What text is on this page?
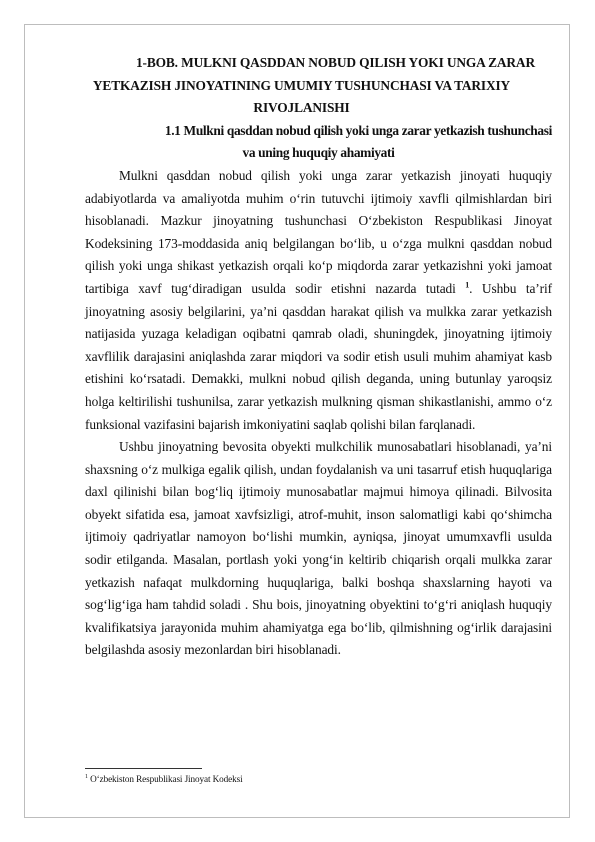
1-BOB. MULKNI QASDDAN NOBUD QILISH YOKI UNGA ZARAR
YETKAZISH JINOYATINING UMUMIY TUSHUNCHASI VA TARIXIY
RIVOJLANISHI
1.1 Mulkni qasddan nobud qilish yoki unga zarar yetkazish tushunchasi
va uning huquqiy ahamiyati

Mulkni qasddan nobud qilish yoki unga zarar yetkazish jinoyati huquqiy adabiyotlarda va amaliyotda muhim o‘rin tutuvchi ijtimoiy xavfli qilmishlardan biri hisoblanadi. Mazkur jinoyatning tushunchasi O‘zbekiston Respublikasi Jinoyat Kodeksining 173-moddasida aniq belgilangan bo‘lib, u o‘zga mulkni qasddan nobud qilish yoki unga shikast yetkazish orqali ko‘p miqdorda zarar yetkazishni yoki jamoat tartibiga xavf tug‘diradigan usulda sodir etishni nazarda tutadi $^1$. Ushbu ta’rif jinoyatning asosiy belgilarini, ya’ni qasddan harakat qilish va mulkka zarar yetkazish natijasida yuzaga keladigan oqibatni qamrab oladi, shuningdek, jinoyatning ijtimoiy xavflilik darajasini aniqlashda zarar miqdori va sodir etish usuli muhim ahamiyat kasb etishini ko‘rsatadi. Demakki, mulkni nobud qilish deganda, uning butunlay yaroqsiz holga keltirilishi tushunilsa, zarar yetkazish mulkning qisman shikastlanishi, ammo o‘z funksional vazifasini bajarish imkoniyatini saqlab qolishi bilan farqlanadi.

Ushbu jinoyatning bevosita obyekti mulkchilik munosabatlari hisoblanadi, ya’ni shaxsning o‘z mulkiga egalik qilish, undan foydalanish va uni tasarruf etish huquqlariga daxl qilinishi bilan bog‘liq ijtimoiy munosabatlar majmui himoya qilinadi. Bilvosita obyekt sifatida esa, jamoat xavfsizligi, atrof-muhit, inson salomatligi kabi qo‘shimcha ijtimoiy qadriyatlar namoyon bo‘lishi mumkin, ayniqsa, jinoyat umumxavfli usulda sodir etilganda. Masalan, portlash yoki yong‘in keltirib chiqarish orqali mulkka zarar yetkazish nafaqat mulkdorning huquqlariga, balki boshqa shaxslarning hayoti va sog‘lig‘iga ham tahdid soladi . Shu bois, jinoyatning obyektini to‘g‘ri aniqlash huquqiy kvalifikatsiya jarayonida muhim ahamiyatga ega bo‘lib, qilmishning og‘irlik darajasini belgilashda asosiy mezonlardan biri hisoblanadi.

$^1$ O‘zbekiston Respublikasi Jinoyat Kodeksi
